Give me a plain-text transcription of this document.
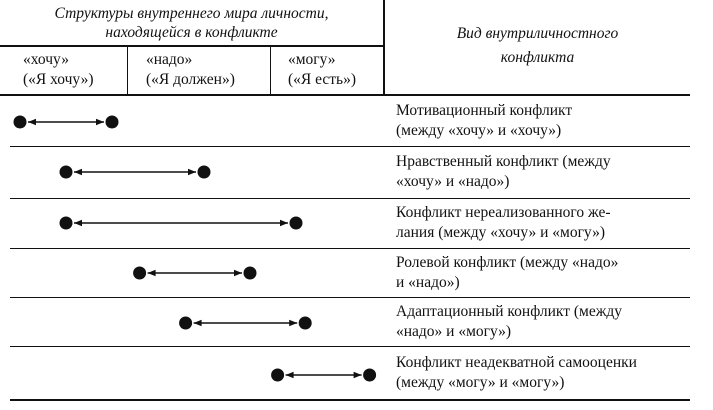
Структуры внутреннего мира личности,
находящейся в конфликте	Вид внутриличностного
конфликта
«хочу»
(«Я хочу»)
«надо»
(«Я должен»)
«могу»
(«Я есть»)
Мотивационный конфликт
(между «хочу» и «хочу»)
Нравственный конфликт (между
«хочу» и «надо»)
Конфликт нереализованного же-
лания (между «хочу» и «могу»)
Ролевой конфликт (между «надо»
и «надо»)
Адаптационный конфликт (между
«надо» и «могу»)
Конфликт неадекватной самооценки
(между «могу» и «могу»)
